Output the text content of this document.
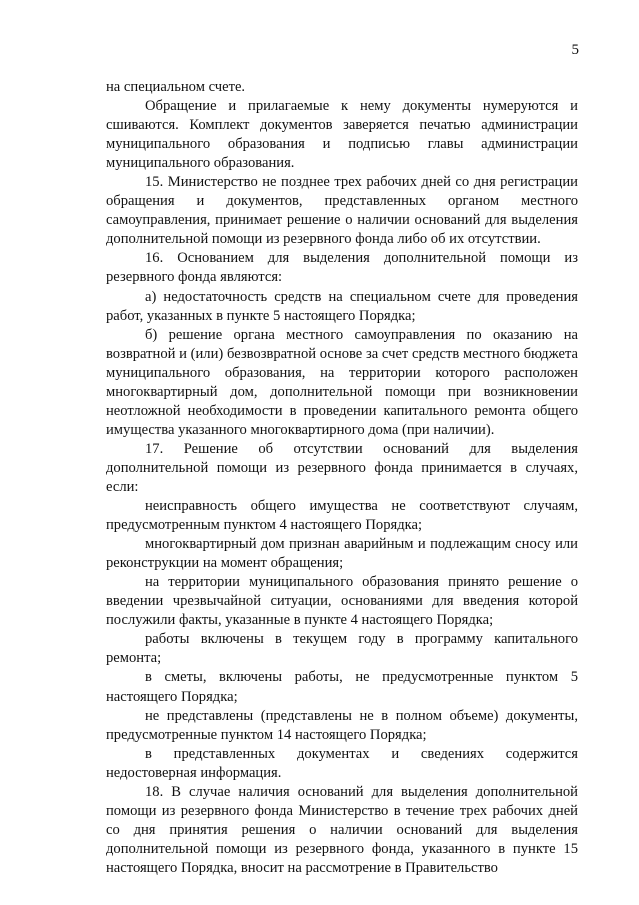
5

на специальном счете.

Обращение и прилагаемые к нему документы нумеруются и сшиваются. Комплект документов заверяется печатью администрации муниципального образования и подписью главы администрации муниципального образования.

15. Министерство не позднее трех рабочих дней со дня регистрации обращения и документов, представленных органом местного самоуправления, принимает решение о наличии оснований для выделения дополнительной помощи из резервного фонда либо об их отсутствии.

16. Основанием для выделения дополнительной помощи из резервного фонда являются:

а) недостаточность средств на специальном счете для проведения работ, указанных в пункте 5 настоящего Порядка;

б) решение органа местного самоуправления по оказанию на возвратной и (или) безвозвратной основе за счет средств местного бюджета муниципального образования, на территории которого расположен многоквартирный дом, дополнительной помощи при возникновении неотложной необходимости в проведении капитального ремонта общего имущества указанного многоквартирного дома (при наличии).

17. Решение об отсутствии оснований для выделения дополнительной помощи из резервного фонда принимается в случаях, если:

неисправность общего имущества не соответствуют случаям, предусмотренным пунктом 4 настоящего Порядка;

многоквартирный дом признан аварийным и подлежащим сносу или реконструкции на момент обращения;

на территории муниципального образования принято решение о введении чрезвычайной ситуации, основаниями для введения которой послужили факты, указанные в пункте 4 настоящего Порядка;

работы включены в текущем году в программу капитального ремонта;

в сметы, включены работы, не предусмотренные пунктом 5 настоящего Порядка;

не представлены (представлены не в полном объеме) документы, предусмотренные пунктом 14 настоящего Порядка;

в представленных документах и сведениях содержится недостоверная информация.

18. В случае наличия оснований для выделения дополнительной помощи из резервного фонда Министерство в течение трех рабочих дней со дня принятия решения о наличии оснований для выделения дополнительной помощи из резервного фонда, указанного в пункте 15 настоящего Порядка, вносит на рассмотрение в Правительство
